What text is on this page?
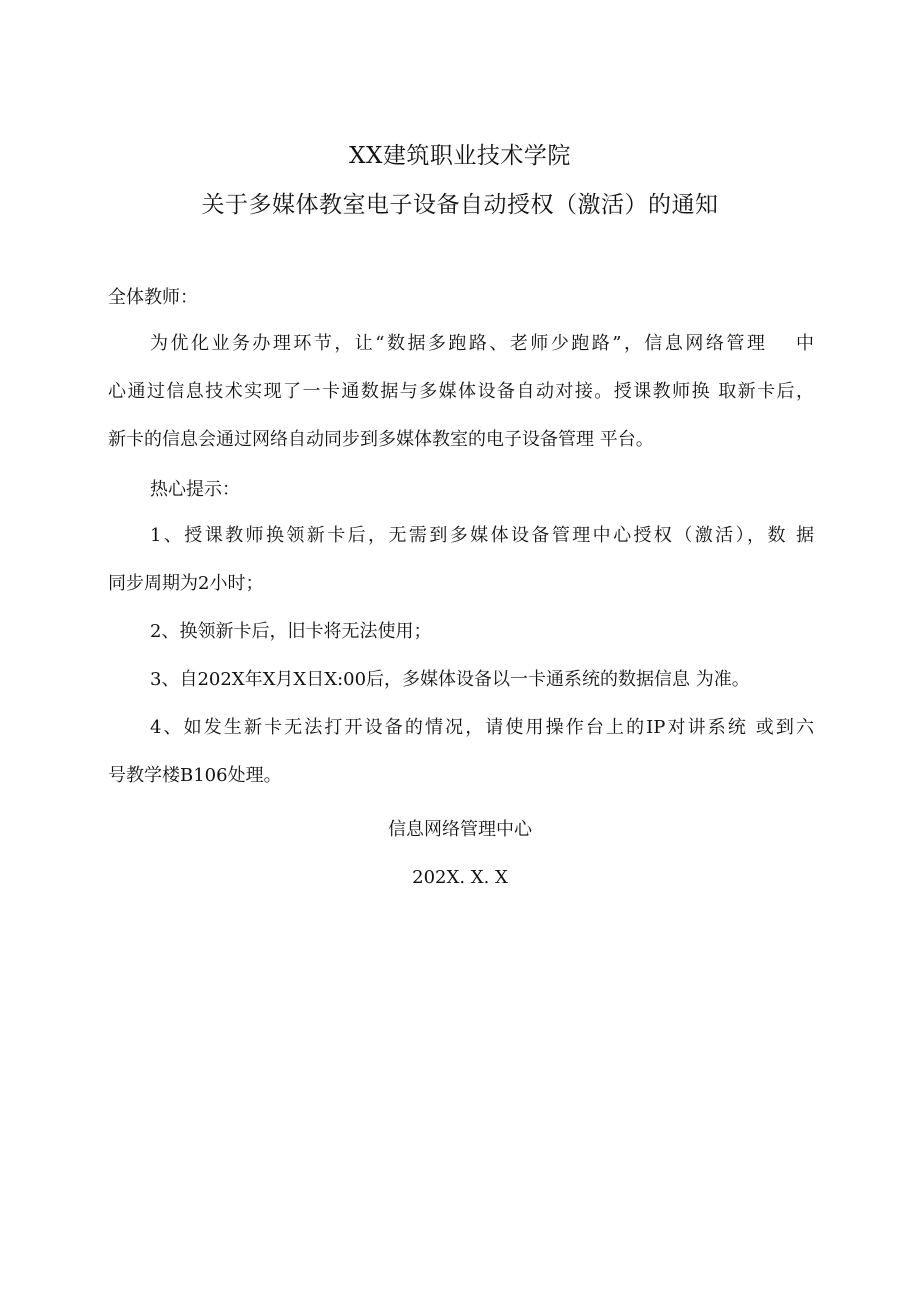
XX建筑职业技术学院
关于多媒体教室电子设备自动授权（激活）的通知
全体教师：
为优化业务办理环节，让“数据多跑路、老师少跑路”，信息网络管理　 中
心通过信息技术实现了一卡通数据与多媒体设备自动对接。授课教师换 取新卡后，
新卡的信息会通过网络自动同步到多媒体教室的电子设备管理 平台。
热心提示：
1、授课教师换领新卡后，无需到多媒体设备管理中心授权（激活），数 据
同步周期为2小时；
2、换领新卡后，旧卡将无法使用；
3、自202X年X月X日X:00后，多媒体设备以一卡通系统的数据信息 为准。
4、如发生新卡无法打开设备的情况，请使用操作台上的IP对讲系统 或到六
号教学楼B106处理。
信息网络管理中心
202X. X. X
